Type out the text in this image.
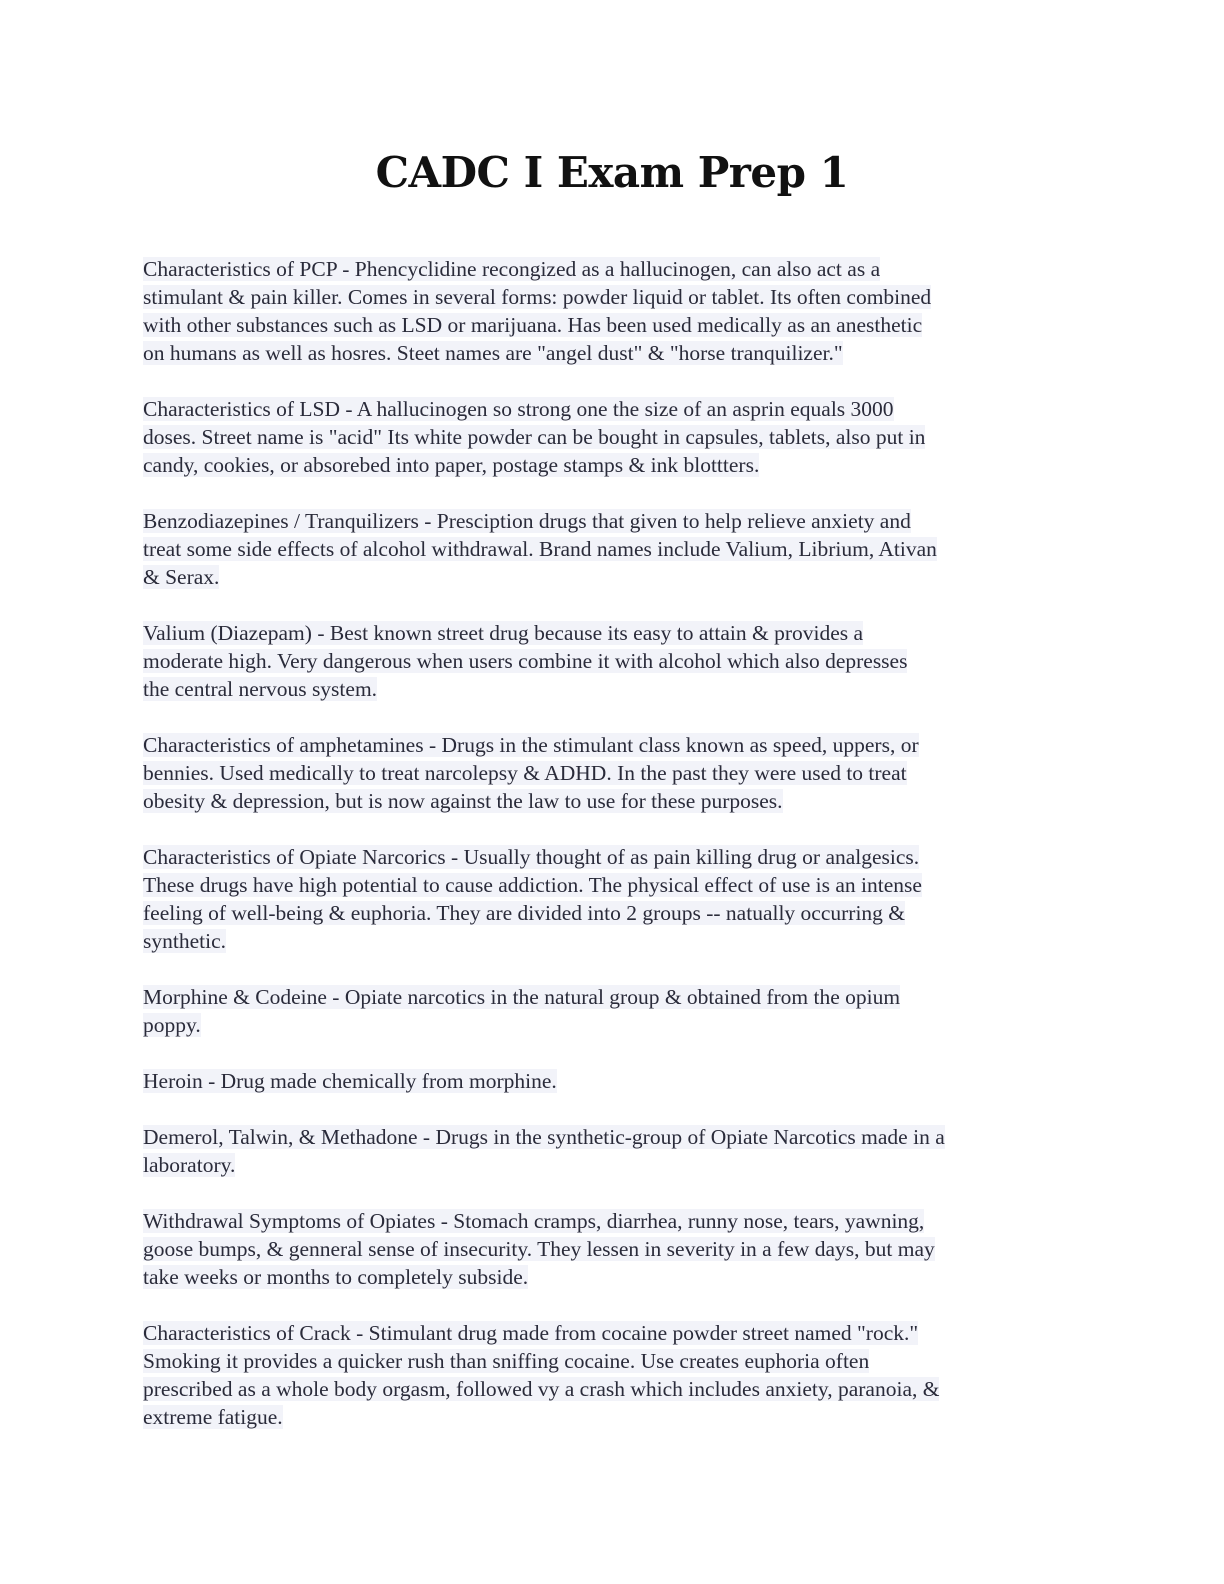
CADC I Exam Prep 1

Characteristics of PCP - Phencyclidine recongized as a hallucinogen, can also act as a
stimulant & pain killer. Comes in several forms: powder liquid or tablet. Its often combined
with other substances such as LSD or marijuana. Has been used medically as an anesthetic
on humans as well as hosres. Steet names are "angel dust" & "horse tranquilizer."

Characteristics of LSD - A hallucinogen so strong one the size of an asprin equals 3000
doses. Street name is "acid" Its white powder can be bought in capsules, tablets, also put in
candy, cookies, or absorebed into paper, postage stamps & ink blottters.

Benzodiazepines / Tranquilizers - Presciption drugs that given to help relieve anxiety and
treat some side effects of alcohol withdrawal. Brand names include Valium, Librium, Ativan
& Serax.

Valium (Diazepam) - Best known street drug because its easy to attain & provides a
moderate high. Very dangerous when users combine it with alcohol which also depresses
the central nervous system.

Characteristics of amphetamines - Drugs in the stimulant class known as speed, uppers, or
bennies. Used medically to treat narcolepsy & ADHD. In the past they were used to treat
obesity & depression, but is now against the law to use for these purposes.

Characteristics of Opiate Narcorics - Usually thought of as pain killing drug or analgesics.
These drugs have high potential to cause addiction. The physical effect of use is an intense
feeling of well-being & euphoria. They are divided into 2 groups -- natually occurring &
synthetic.

Morphine & Codeine - Opiate narcotics in the natural group & obtained from the opium
poppy.

Heroin - Drug made chemically from morphine.

Demerol, Talwin, & Methadone - Drugs in the synthetic-group of Opiate Narcotics made in a
laboratory.

Withdrawal Symptoms of Opiates - Stomach cramps, diarrhea, runny nose, tears, yawning,
goose bumps, & genneral sense of insecurity. They lessen in severity in a few days, but may
take weeks or months to completely subside.

Characteristics of Crack - Stimulant drug made from cocaine powder street named "rock."
Smoking it provides a quicker rush than sniffing cocaine. Use creates euphoria often
prescribed as a whole body orgasm, followed vy a crash which includes anxiety, paranoia, &
extreme fatigue.
